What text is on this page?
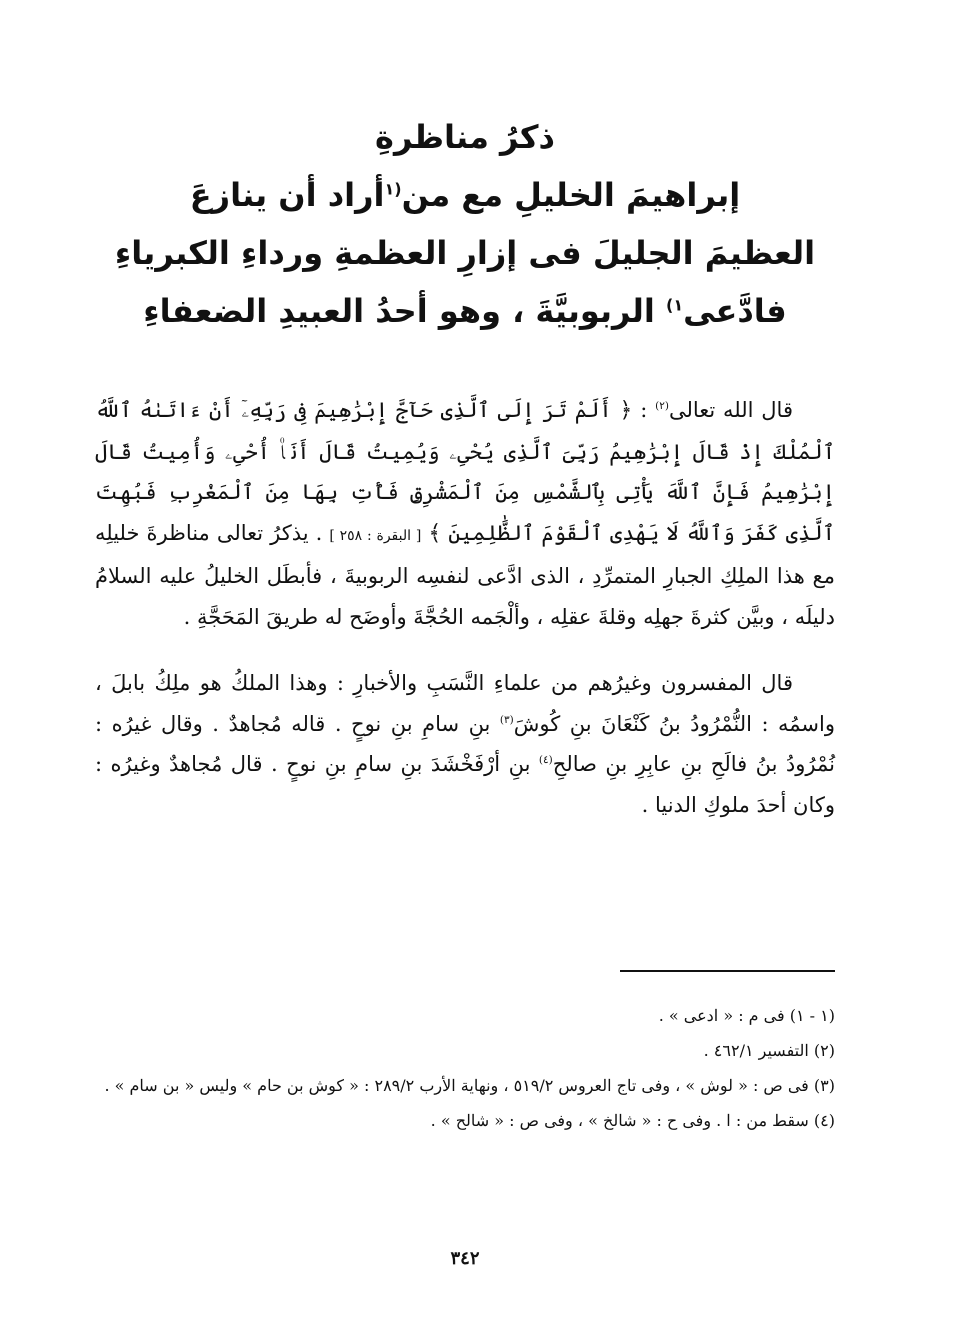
ذكرُ مناظرةِ
إبراهيمَ الخليلِ مع من$^{(١}$أراد أن ينازعَ
العظيمَ الجليلَ فى إزارِ العظمةِ ورداءِ الكبرياءِ
فادَّعى$^{١)}$ الربوبيَّةَ ، وهو أحدُ العبيدِ الضعفاءِ

قال الله تعالى$^{(٢)}$ : ﴿ أَلَمْ تَرَ إِلَى ٱلَّذِى حَآجَّ إِبْرَٰهِيمَ فِى رَبِّهِۦٓ أَنْ ءَاتَىٰهُ ٱللَّهُ ٱلْمُلْكَ إِذْ قَالَ إِبْرَٰهِيمُ رَبِّىَ ٱلَّذِى يُحْىِۦ وَيُمِيتُ قَالَ أَنَا۠ أُحْىِۦ وَأُمِيتُ قَالَ إِبْرَٰهِيمُ فَإِنَّ ٱللَّهَ يَأْتِى بِٱلشَّمْسِ مِنَ ٱلْمَشْرِقِ فَأْتِ بِهَا مِنَ ٱلْمَغْرِبِ فَبُهِتَ ٱلَّذِى كَفَرَ وَٱللَّهُ لَا يَهْدِى ٱلْقَوْمَ ٱلظَّٰلِمِينَ ﴾ [ البقرة : ٢٥٨ ] . يذكرُ تعالى مناظرةَ خليلِه مع هذا الملِكِ الجبارِ المتمرِّدِ ، الذى ادَّعى لنفسِه الربوبيةَ ، فأبطَل الخليلُ عليه السلامُ دليلَه ، وبيَّن كثرةَ جهلِه وقلةَ عقلِه ، وألْجَمه الحُجَّةَ وأوضَح له طريقَ المَحَجَّةِ .

قال المفسرون وغيرُهم من علماءِ النَّسَبِ والأخبارِ : وهذا الملكُ هو ملِكُ بابلَ ، واسمُه : النُّمْرُودُ بنُ كَنْعَانَ بنِ كُوشَ$^{(٣)}$ بنِ سامِ بنِ نوحٍ . قاله مُجاهدٌ . وقال غيرُه : نُمْرُودُ بنُ فالَحِ بنِ عابِرِ بنِ صالحِ$^{(٤)}$ بنِ أرْفَخْشَدَ بنِ سامِ بنِ نوحٍ . قال مُجاهدٌ وغيرُه : وكان أحدَ ملوكِ الدنيا .

(١ - ١) فى م : « ادعى » .

(٢) التفسير ٤٦٢/١ .

(٣) فى ص : « لوش » ، وفى تاج العروس ٥١٩/٢ ، ونهاية الأرب ٢٨٩/٢ : « كوش بن حام » وليس « بن سام » .

(٤) سقط من : ا . وفى ح : « شالخ » ، وفى ص : « شالح » .

٣٤٢
